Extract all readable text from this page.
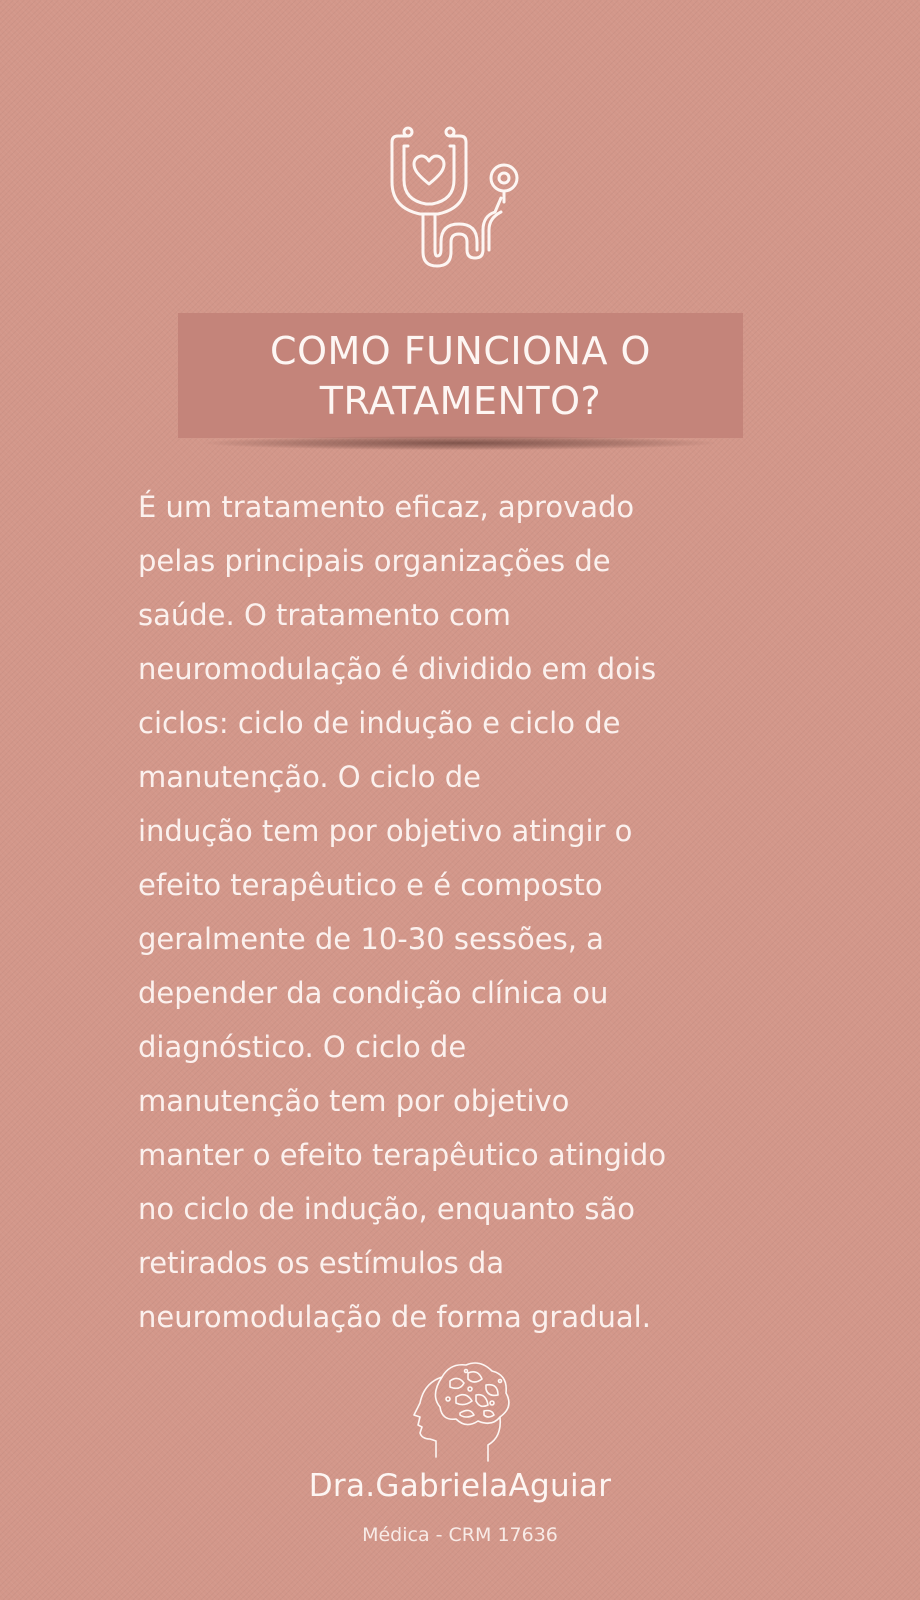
COMO FUNCIONA O
TRATAMENTO?
É um tratamento eficaz, aprovado
pelas principais organizações de
saúde. O tratamento com
neuromodulação é dividido em dois
ciclos: ciclo de indução e ciclo de
manutenção. O ciclo de
indução tem por objetivo atingir o
efeito terapêutico e é composto
geralmente de 10-30 sessões, a
depender da condição clínica ou
diagnóstico. O ciclo de
manutenção tem por objetivo
manter o efeito terapêutico atingido
no ciclo de indução, enquanto são
retirados os estímulos da
neuromodulação de forma gradual.
Dra.GabrielaAguiar
Médica - CRM 17636
